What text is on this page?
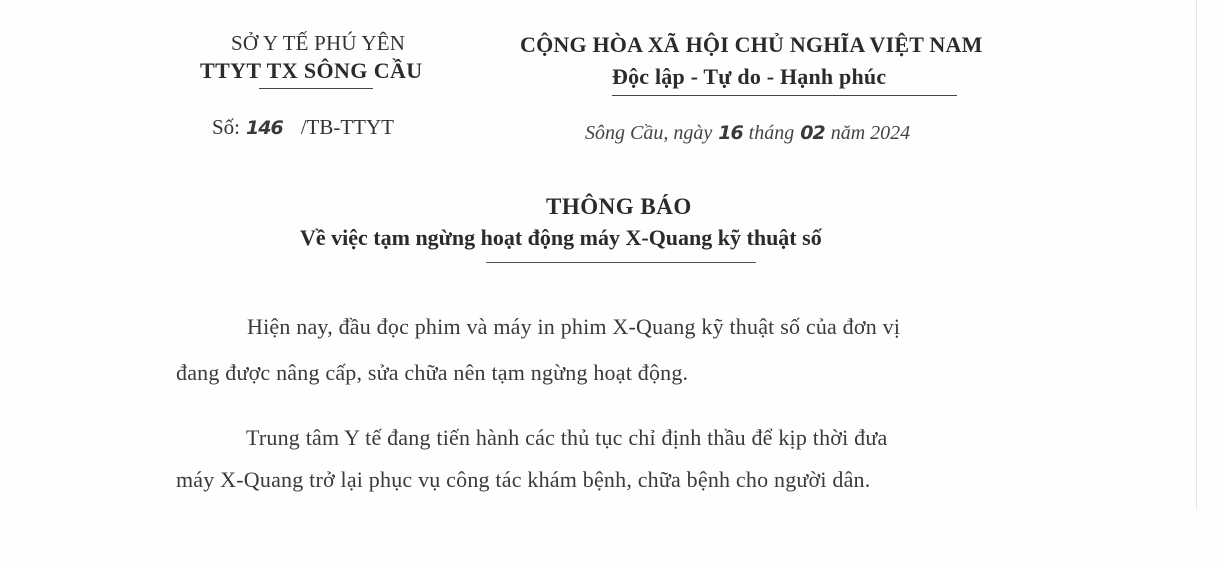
SỞ Y TẾ PHÚ YÊN
TTYT TX SÔNG CẦU
Số: 146 /TB-TTYT
CỘNG HÒA XÃ HỘI CHỦ NGHĨA VIỆT NAM
Độc lập - Tự do - Hạnh phúc
Sông Cầu, ngày 16 tháng 02 năm 2024
THÔNG BÁO
Về việc tạm ngừng hoạt động máy X-Quang kỹ thuật số
Hiện nay, đầu đọc phim và máy in phim X-Quang kỹ thuật số của đơn vị
đang được nâng cấp, sửa chữa nên tạm ngừng hoạt động.
Trung tâm Y tế đang tiến hành các thủ tục chỉ định thầu để kịp thời đưa
máy X-Quang trở lại phục vụ công tác khám bệnh, chữa bệnh cho người dân.
